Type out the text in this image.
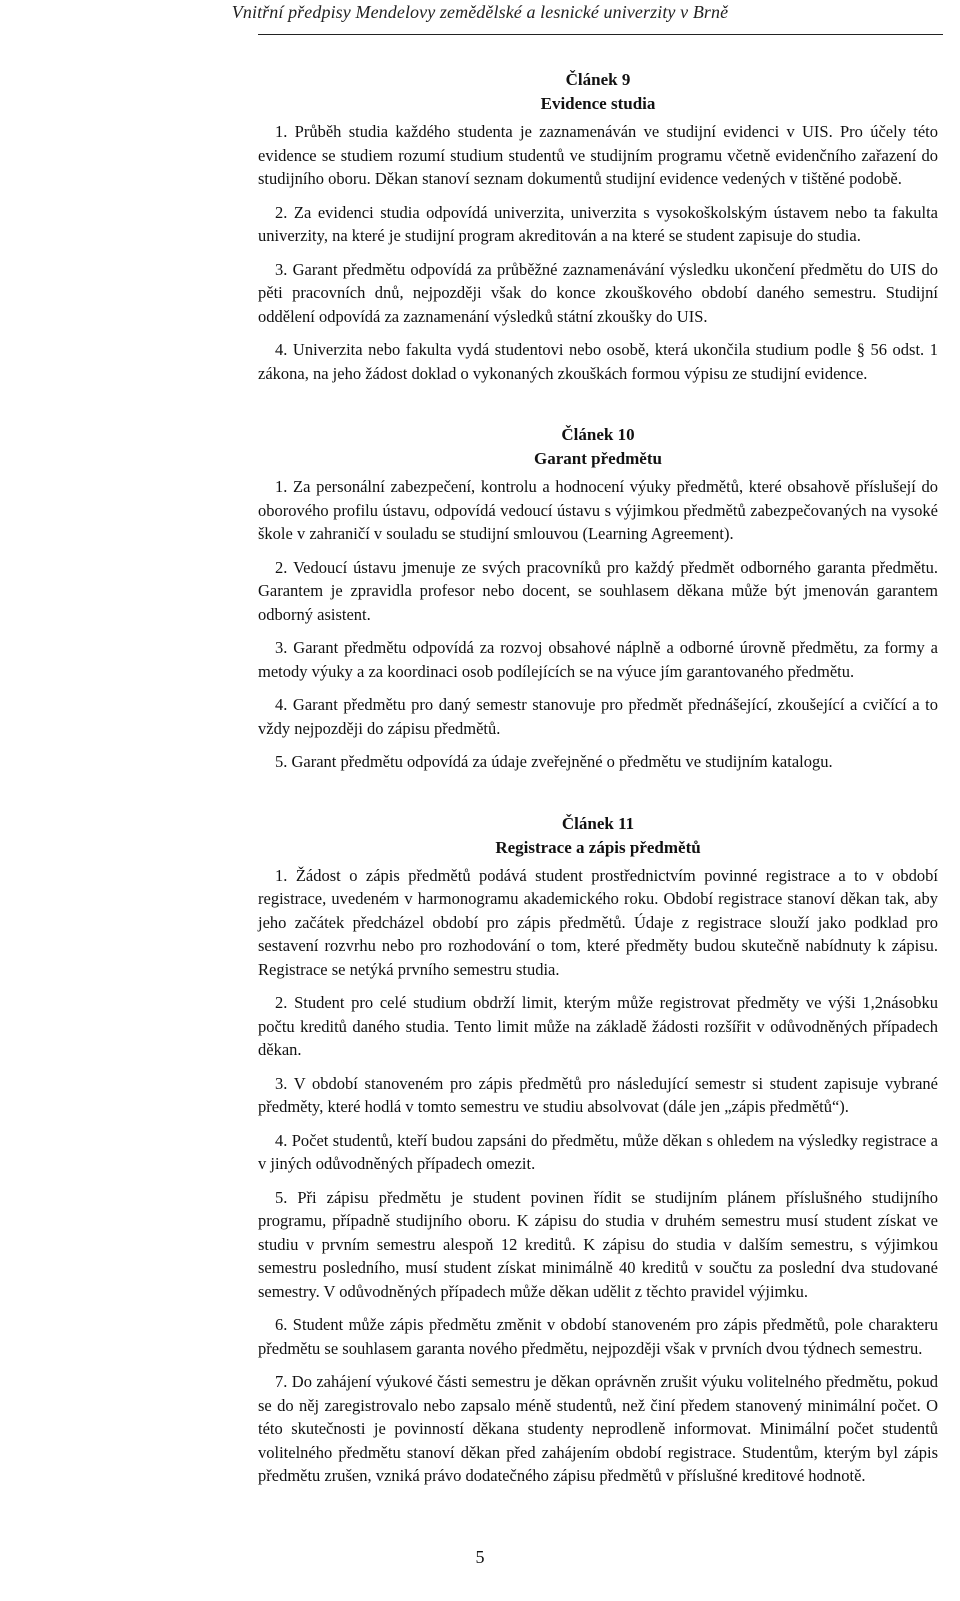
Vnitřní předpisy Mendelovy zemědělské a lesnické univerzity v Brně
Článek 9
Evidence studia

1. Průběh studia každého studenta je zaznamenáván ve studijní evidenci v UIS. Pro účely této evidence se studiem rozumí studium studentů ve studijním programu včetně evidenčního zařazení do studijního oboru. Děkan stanoví seznam dokumentů studijní evidence vedených v tištěné podobě.

2. Za evidenci studia odpovídá univerzita, univerzita s vysokoškolským ústavem nebo ta fakulta univerzity, na které je studijní program akreditován a na které se student zapisuje do studia.

3. Garant předmětu odpovídá za průběžné zaznamenávání výsledku ukončení předmětu do UIS do pěti pracovních dnů, nejpozději však do konce zkouškového období daného semestru. Studijní oddělení odpovídá za zaznamenání výsledků státní zkoušky do UIS.

4. Univerzita nebo fakulta vydá studentovi nebo osobě, která ukončila studium podle § 56 odst. 1 zákona, na jeho žádost doklad o vykonaných zkouškách formou výpisu ze studijní evidence.

Článek 10
Garant předmětu

1. Za personální zabezpečení, kontrolu a hodnocení výuky předmětů, které obsahově příslušejí do oborového profilu ústavu, odpovídá vedoucí ústavu s výjimkou předmětů zabezpečovaných na vysoké škole v zahraničí v souladu se studijní smlouvou (Learning Agreement).

2. Vedoucí ústavu jmenuje ze svých pracovníků pro každý předmět odborného garanta předmětu. Garantem je zpravidla profesor nebo docent, se souhlasem děkana může být jmenován garantem odborný asistent.

3. Garant předmětu odpovídá za rozvoj obsahové náplně a odborné úrovně předmětu, za formy a metody výuky a za koordinaci osob podílejících se na výuce jím garantovaného předmětu.

4. Garant předmětu pro daný semestr stanovuje pro předmět přednášející, zkoušející a cvičící a to vždy nejpozději do zápisu předmětů.

5. Garant předmětu odpovídá za údaje zveřejněné o předmětu ve studijním katalogu.

Článek 11
Registrace a zápis předmětů

1. Žádost o zápis předmětů podává student prostřednictvím povinné registrace a to v období registrace, uvedeném v harmonogramu akademického roku. Období registrace stanoví děkan tak, aby jeho začátek předcházel období pro zápis předmětů. Údaje z registrace slouží jako podklad pro sestavení rozvrhu nebo pro rozhodování o tom, které předměty budou skutečně nabídnuty k zápisu. Registrace se netýká prvního semestru studia.

2. Student pro celé studium obdrží limit, kterým může registrovat předměty ve výši 1,2násobku počtu kreditů daného studia. Tento limit může na základě žádosti rozšířit v odůvodněných případech děkan.

3. V období stanoveném pro zápis předmětů pro následující semestr si student zapisuje vybrané předměty, které hodlá v tomto semestru ve studiu absolvovat (dále jen „zápis předmětů“).

4. Počet studentů, kteří budou zapsáni do předmětu, může děkan s ohledem na výsledky registrace a v jiných odůvodněných případech omezit.

5. Při zápisu předmětu je student povinen řídit se studijním plánem příslušného studijního programu, případně studijního oboru. K zápisu do studia v druhém semestru musí student získat ve studiu v prvním semestru alespoň 12 kreditů. K zápisu do studia v dalším semestru, s výjimkou semestru posledního, musí student získat minimálně 40 kreditů v součtu za poslední dva studované semestry. V odůvodněných případech může děkan udělit z těchto pravidel výjimku.

6. Student může zápis předmětu změnit v období stanoveném pro zápis předmětů, pole charakteru předmětu se souhlasem garanta nového předmětu, nejpozději však v prvních dvou týdnech semestru.

7. Do zahájení výukové části semestru je děkan oprávněn zrušit výuku volitelného předmětu, pokud se do něj zaregistrovalo nebo zapsalo méně studentů, než činí předem stanovený minimální počet. O této skutečnosti je povinností děkana studenty neprodleně informovat. Minimální počet studentů volitelného předmětu stanoví děkan před zahájením období registrace. Studentům, kterým byl zápis předmětu zrušen, vzniká právo dodatečného zápisu předmětů v příslušné kreditové hodnotě.

5
